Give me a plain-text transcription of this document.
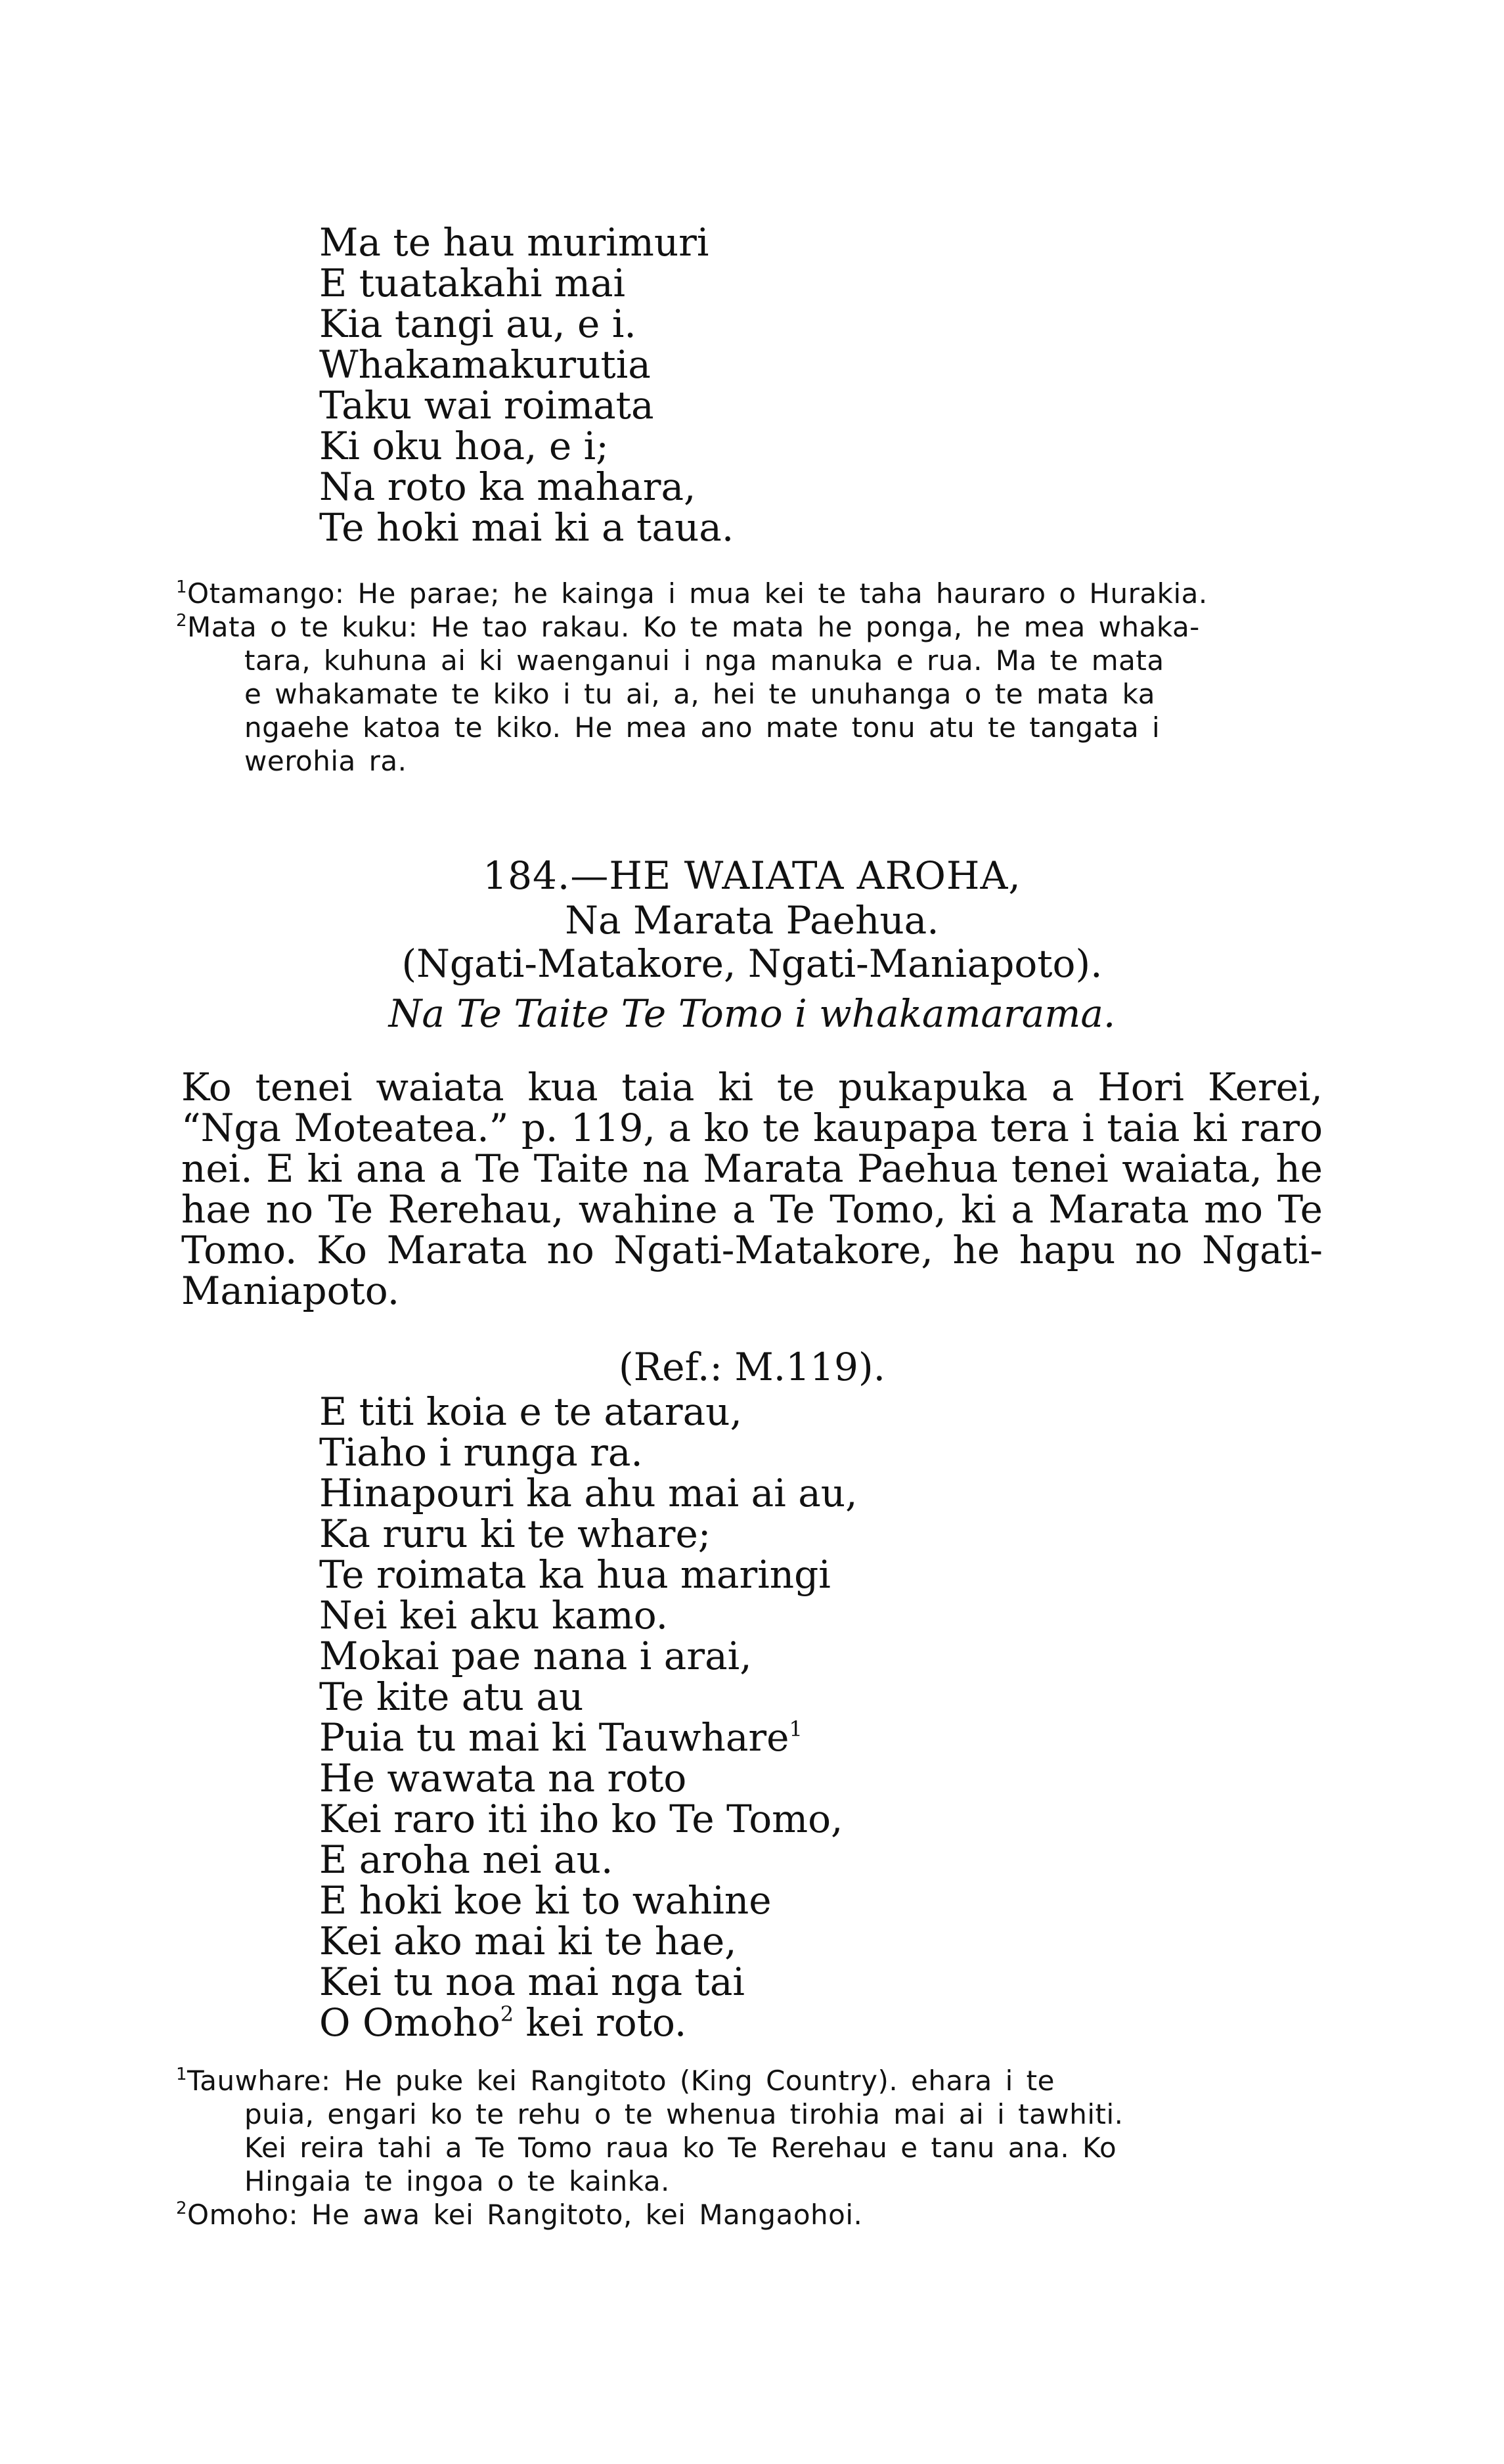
Ma te hau murimuri
E tuatakahi mai
Kia tangi au, e i.
Whakamakurutia
Taku wai roimata
Ki oku hoa, e i;
Na roto ka mahara,
Te hoki mai ki a taua.
$^1$Otamango: He parae; he kainga i mua kei te taha hauraro o Hurakia.
$^2$Mata o te kuku: He tao rakau. Ko te mata he ponga, he mea whaka-
tara, kuhuna ai ki waenganui i nga manuka e rua. Ma te mata
e whakamate te kiko i tu ai, a, hei te unuhanga o te mata ka
ngaehe katoa te kiko. He mea ano mate tonu atu te tangata i
werohia ra.
184.—HE WAIATA AROHA,
Na Marata Paehua.
(Ngati-Matakore, Ngati-Maniapoto).
Na Te Taite Te Tomo i whakamarama.
Ko tenei waiata kua taia ki te pukapuka a Hori Kerei,
“Nga Moteatea.” p. 119, a ko te kaupapa tera i taia ki raro
nei. E ki ana a Te Taite na Marata Paehua tenei waiata, he
hae no Te Rerehau, wahine a Te Tomo, ki a Marata mo Te
Tomo. Ko Marata no Ngati-Matakore, he hapu no Ngati-
Maniapoto.
(Ref.: M.119).
E titi koia e te atarau,
Tiaho i runga ra.
Hinapouri ka ahu mai ai au,
Ka ruru ki te whare;
Te roimata ka hua maringi
Nei kei aku kamo.
Mokai pae nana i arai,
Te kite atu au
Puia tu mai ki Tauwhare$^1$
He wawata na roto
Kei raro iti iho ko Te Tomo,
E aroha nei au.
E hoki koe ki to wahine
Kei ako mai ki te hae,
Kei tu noa mai nga tai
O Omoho$^2$ kei roto.
$^1$Tauwhare: He puke kei Rangitoto (King Country). ehara i te
puia, engari ko te rehu o te whenua tirohia mai ai i tawhiti.
Kei reira tahi a Te Tomo raua ko Te Rerehau e tanu ana. Ko
Hingaia te ingoa o te kainka.
$^2$Omoho: He awa kei Rangitoto, kei Mangaohoi.
